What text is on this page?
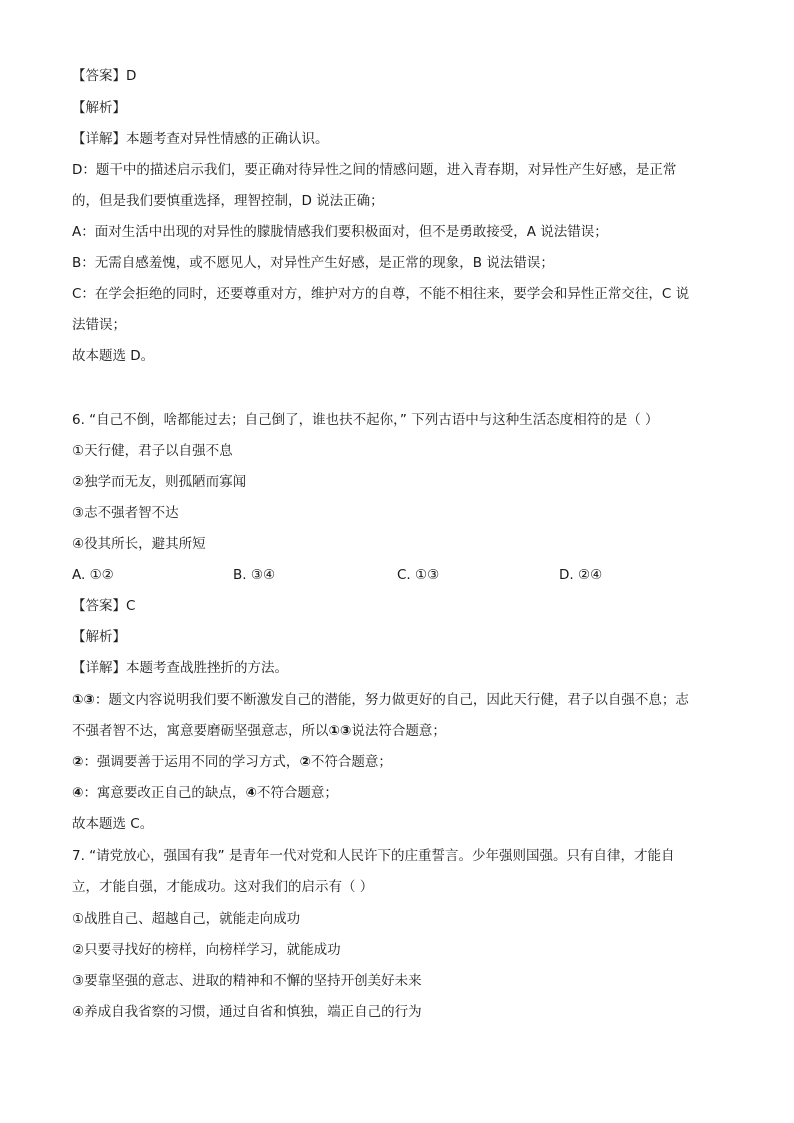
【答案】D
【解析】
【详解】本题考查对异性情感的正确认识。
D：题干中的描述启示我们，要正确对待异性之间的情感问题，进入青春期，对异性产生好感，是正常
的，但是我们要慎重选择，理智控制，D 说法正确；
A：面对生活中出现的对异性的朦胧情感我们要积极面对，但不是勇敢接受，A 说法错误；
B：无需自感羞愧，或不愿见人，对异性产生好感，是正常的现象，B 说法错误；
C：在学会拒绝的同时，还要尊重对方，维护对方的自尊，不能不相往来，要学会和异性正常交往，C 说
法错误；
故本题选 D。
6. “自己不倒，啥都能过去；自己倒了，谁也扶不起你，” 下列古语中与这种生活态度相符的是（ ）
①天行健，君子以自强不息
②独学而无友，则孤陋而寡闻
③志不强者智不达
④役其所长，避其所短
A. ①②	B. ③④	C. ①③	D. ②④
【答案】C
【解析】
【详解】本题考查战胜挫折的方法。
①③：题文内容说明我们要不断激发自己的潜能，努力做更好的自己，因此天行健，君子以自强不息；志
不强者智不达，寓意要磨砺坚强意志，所以①③说法符合题意；
②：强调要善于运用不同的学习方式，②不符合题意；
④：寓意要改正自己的缺点，④不符合题意；
故本题选 C。
7. “请党放心，强国有我” 是青年一代对党和人民许下的庄重誓言。少年强则国强。只有自律，才能自
立，才能自强，才能成功。这对我们的启示有（ ）
①战胜自己、超越自己，就能走向成功
②只要寻找好的榜样，向榜样学习，就能成功
③要靠坚强的意志、进取的精神和不懈的坚持开创美好未来
④养成自我省察的习惯，通过自省和慎独，端正自己的行为
